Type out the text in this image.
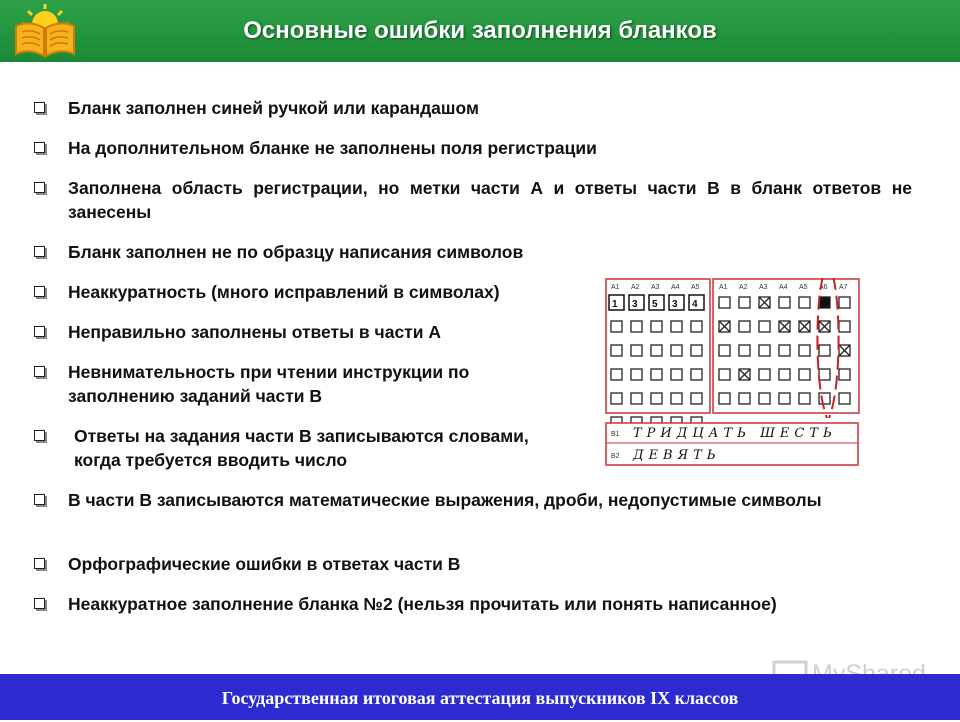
Основные ошибки заполнения бланков
Бланк заполнен синей ручкой или карандашом
На дополнительном бланке не заполнены поля регистрации
Заполнена область регистрации, но метки части А и ответы части В в бланк ответов не занесены
Бланк заполнен не по образцу написания символов
Неаккуратность (много исправлений в символах)
Неправильно заполнены ответы в части А
Невнимательность при чтении инструкции по заполнению заданий части В
Ответы на задания части В записываются словами, когда требуется вводить число
В части В записываются математические выражения, дроби, недопустимые символы
Орфографические ошибки в ответах части В
Неаккуратное заполнение бланка №2 (нельзя прочитать или понять написанное)
A1 A2 A3 A4 A5	A1 A2 A3 A4 A5 A6 A7
1 3 5 3 4
В1
В2
ТРИДЦАТЬ ШЕСТЬ
ДЕВЯТЬ
Государственная итоговая аттестация выпускников IX классов
